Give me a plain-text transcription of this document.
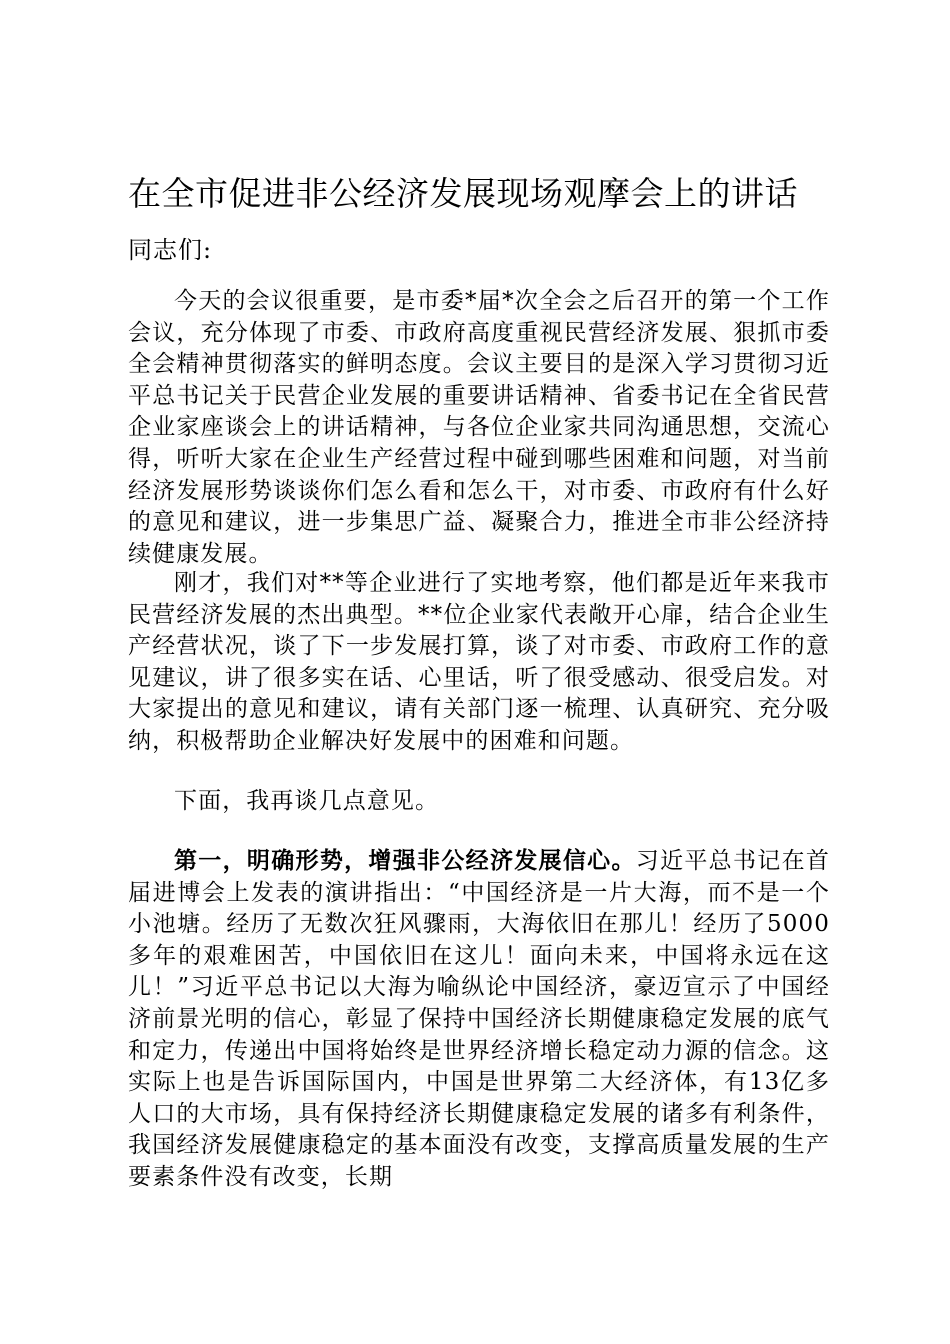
在全市促进非公经济发展现场观摩会上的讲话

同志们:

今天的会议很重要，是市委*届*次全会之后召开的第一个工作会议，充分体现了市委、市政府高度重视民营经济发展、狠抓市委全会精神贯彻落实的鲜明态度。会议主要目的是深入学习贯彻习近平总书记关于民营企业发展的重要讲话精神、省委书记在全省民营企业家座谈会上的讲话精神，与各位企业家共同沟通思想，交流心得，听听大家在企业生产经营过程中碰到哪些困难和问题，对当前经济发展形势谈谈你们怎么看和怎么干，对市委、市政府有什么好的意见和建议，进一步集思广益、凝聚合力，推进全市非公经济持续健康发展。

刚才，我们对**等企业进行了实地考察，他们都是近年来我市民营经济发展的杰出典型。**位企业家代表敞开心扉，结合企业生产经营状况，谈了下一步发展打算，谈了对市委、市政府工作的意见建议，讲了很多实在话、心里话，听了很受感动、很受启发。对大家提出的意见和建议，请有关部门逐一梳理、认真研究、充分吸纳，积极帮助企业解决好发展中的困难和问题。

下面，我再谈几点意见。

第一，明确形势，增强非公经济发展信心。习近平总书记在首届进博会上发表的演讲指出：“中国经济是一片大海，而不是一个小池塘。经历了无数次狂风骤雨，大海依旧在那儿！经历了5000多年的艰难困苦，中国依旧在这儿！面向未来，中国将永远在这儿！”习近平总书记以大海为喻纵论中国经济，豪迈宣示了中国经济前景光明的信心，彰显了保持中国经济长期健康稳定发展的底气和定力，传递出中国将始终是世界经济增长稳定动力源的信念。这实际上也是告诉国际国内，中国是世界第二大经济体，有13亿多人口的大市场，具有保持经济长期健康稳定发展的诸多有利条件，我国经济发展健康稳定的基本面没有改变，支撑高质量发展的生产要素条件没有改变，长期
